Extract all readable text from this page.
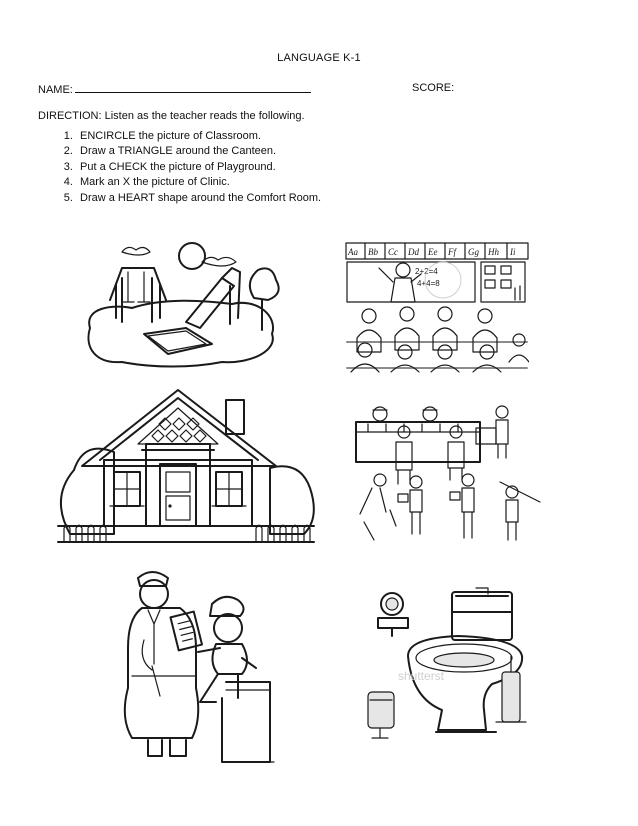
LANGUAGE K-1
NAME:	SCORE:
DIRECTION: Listen as the teacher reads the following.
1. ENCIRCLE the picture of Classroom.
2. Draw a TRIANGLE around the Canteen.
3. Put a CHECK the picture of Playground.
4. Mark an X the picture of Clinic.
5. Draw a HEART shape around the Comfort Room.
Aa Bb Cc Dd Ee Ff Gg Hh Ii
2+2=4
4+4=8
shutterst
